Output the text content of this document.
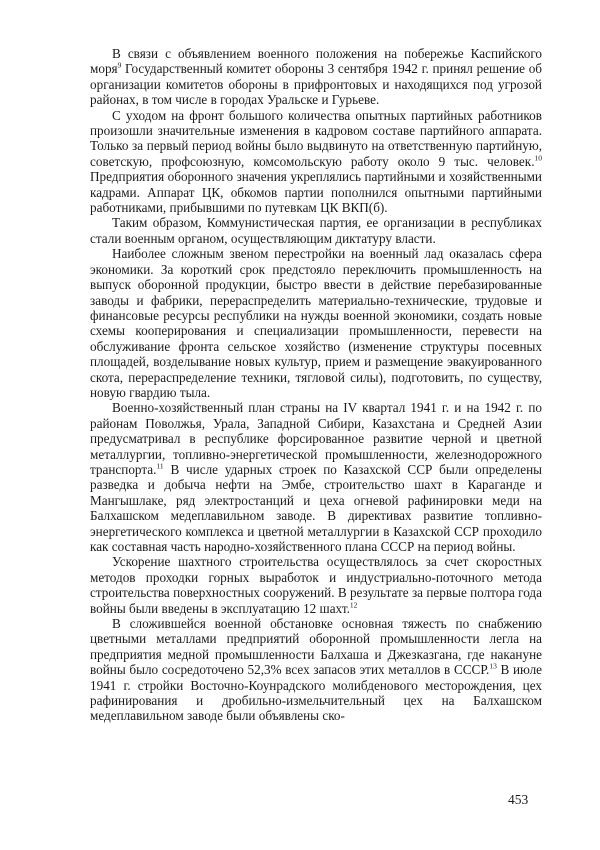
В связи с объявлением военного положения на побережье Каспийского моря$^9$ Государственный комитет обороны 3 сентября 1942 г. принял решение об организации комитетов обороны в прифронтовых и находящихся под угрозой районах, в том числе в городах Уральске и Гурьеве.

С уходом на фронт большого количества опытных партийных работников произошли значительные изменения в кадровом составе партийного аппарата. Только за первый период войны было выдвинуто на ответственную партийную, советскую, профсоюзную, комсомольскую работу около 9 тыс. человек.$^{10}$ Предприятия оборонного значения укреплялись партийными и хозяйственными кадрами. Аппарат ЦК, обкомов партии пополнился опытными партийными работниками, прибывшими по путевкам ЦК ВКП(б).

Таким образом, Коммунистическая партия, ее организации в республиках стали военным органом, осуществляющим диктатуру власти.

Наиболее сложным звеном перестройки на военный лад оказалась сфера экономики. За короткий срок предстояло переключить промышленность на выпуск оборонной продукции, быстро ввести в действие перебазированные заводы и фабрики, перераспределить материально-технические, трудовые и финансовые ресурсы республики на нужды военной экономики, создать новые схемы кооперирования и специализации промышленности, перевести на обслуживание фронта сельское хозяйство (изменение структуры посевных площадей, возделывание новых культур, прием и размещение эвакуированного скота, перераспределение техники, тягловой силы), подготовить, по существу, новую гвардию тыла.

Военно-хозяйственный план страны на IV квартал 1941 г. и на 1942 г. по районам Поволжья, Урала, Западной Сибири, Казахстана и Средней Азии предусматривал в республике форсированное развитие черной и цветной металлургии, топливно-энергетической промышленности, железнодорожного транспорта.$^{11}$ В числе ударных строек по Казахской ССР были определены разведка и добыча нефти на Эмбе, строительство шахт в Караганде и Мангышлаке, ряд электростанций и цеха огневой рафинировки меди на Балхашском медеплавильном заводе. В директивах развитие топливно-энергетического комплекса и цветной металлургии в Казахской ССР проходило как составная часть народно-хозяйственного плана СССР на период войны.

Ускорение шахтного строительства осуществлялось за счет скоростных методов проходки горных выработок и индустриально-поточного метода строительства поверхностных сооружений. В результате за первые полтора года войны были введены в эксплуатацию 12 шахт.$^{12}$

В сложившейся военной обстановке основная тяжесть по снабжению цветными металлами предприятий оборонной промышленности легла на предприятия медной промышленности Балхаша и Джезказгана, где накануне войны было сосредоточено 52,3% всех запасов этих металлов в СССР.$^{13}$ В июле 1941 г. стройки Восточно-Коунрадского молибденового месторождения, цех рафинирования и дробильно-измельчительный цех на Балхашском медеплавильном заводе были объявлены ско-

453
